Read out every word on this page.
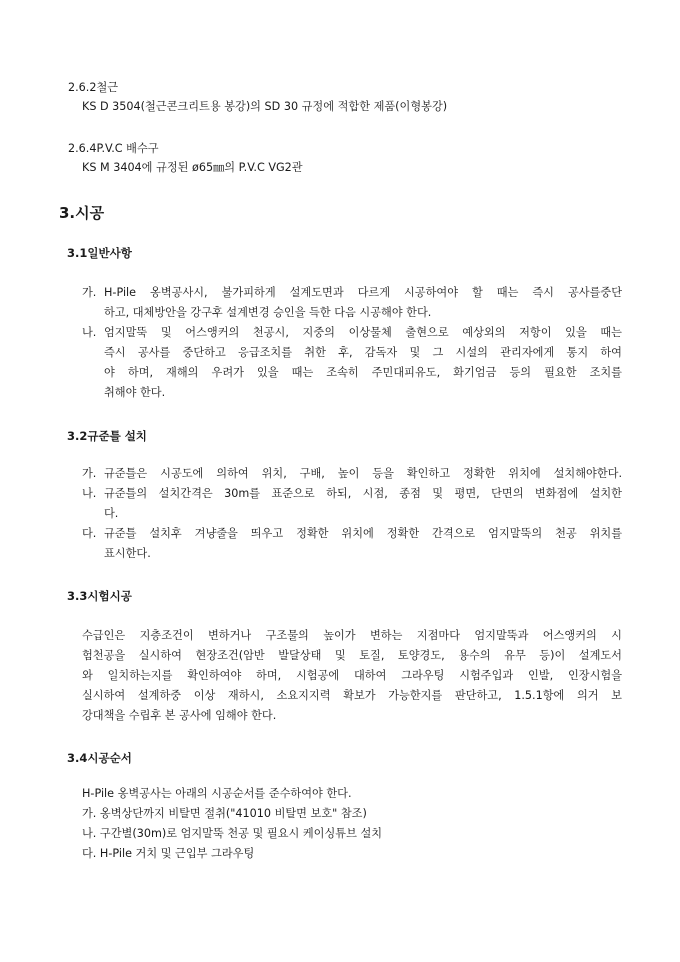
2.6.2철근
KS D 3504(철근콘크리트용 봉강)의 SD 30 규정에 적합한 제품(이형봉강)
2.6.4P.V.C 배수구
KS M 3404에 규정된 ø65㎜의 P.V.C VG2관
3.시공
3.1일반사항
가. H-Pile 옹벽공사시, 불가피하게 설계도면과 다르게 시공하여야 할 때는 즉시 공사를중단
하고, 대체방안을 강구후 설계변경 승인을 득한 다음 시공해야 한다.
나. 엄지말뚝 및 어스앵커의 천공시, 지중의 이상물체 출현으로 예상외의 저항이 있을 때는
즉시 공사를 중단하고 응급조치를 취한 후, 감독자 및 그 시설의 관리자에게 통지 하여
야 하며, 재해의 우려가 있을 때는 조속히 주민대피유도, 화기엄금 등의 필요한 조치를
취해야 한다.
3.2규준틀 설치
가. 규준틀은 시공도에 의하여 위치, 구배, 높이 등을 확인하고 정확한 위치에 설치해야한다.
나. 규준틀의 설치간격은 30m를 표준으로 하되, 시점, 종점 및 평면, 단면의 변화점에 설치한
다.
다. 규준틀 설치후 겨냥줄을 띄우고 정확한 위치에 정확한 간격으로 엄지말뚝의 천공 위치를
표시한다.
3.3시험시공
수급인은 지층조건이 변하거나 구조물의 높이가 변하는 지점마다 엄지말뚝과 어스앵커의 시
험천공을 실시하여 현장조건(암반 발달상태 및 토질, 토양경도, 용수의 유무 등)이 설계도서
와 일치하는지를 확인하여야 하며, 시험공에 대하여 그라우팅 시험주입과 인발, 인장시험을
실시하여 설계하중 이상 재하시, 소요지지력 확보가 가능한지를 판단하고, 1.5.1항에 의거 보
강대책을 수립후 본 공사에 임해야 한다.
3.4시공순서
H-Pile 옹벽공사는 아래의 시공순서를 준수하여야 한다.
가. 옹벽상단까지 비탈면 절취("41010 비탈면 보호" 참조)
나. 구간별(30m)로 엄지말뚝 천공 및 필요시 케이싱튜브 설치
다. H-Pile 거치 및 근입부 그라우팅
